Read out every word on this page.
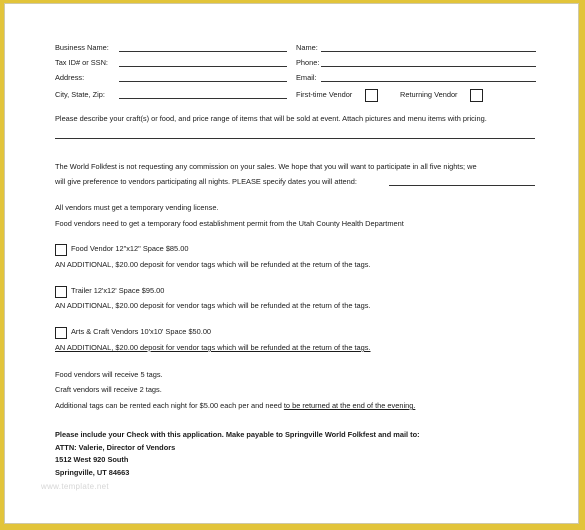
Business Name:
Tax ID# or SSN:
Address:
City, State, Zip:
Name:
Phone:
Email:
First-time Vendor	Returning Vendor
Please describe your craft(s) or food, and price range of items that will be sold at event. Attach pictures and menu items with pricing.
The World Folkfest is not requesting any commission on your sales. We hope that you will want to participate in all five nights; we
will give preference to vendors participating all nights. PLEASE specify dates you will attend:
All vendors must get a temporary vending license.
Food vendors need to get a temporary food establishment permit from the Utah County Health Department
Food Vendor 12"x12" Space $85.00
AN ADDITIONAL, $20.00 deposit for vendor tags which will be refunded at the return of the tags.
Trailer 12'x12' Space $95.00
AN ADDITIONAL, $20.00 deposit for vendor tags which will be refunded at the return of the tags.
Arts & Craft Vendors 10'x10' Space $50.00
AN ADDITIONAL, $20.00 deposit for vendor tags which will be refunded at the return of the tags.
Food vendors will receive 5 tags.
Craft vendors will receive 2 tags.
Additional tags can be rented each night for $5.00 each per and need to be returned at the end of the evening.
Please include your Check with this application. Make payable to Springville World Folkfest and mail to:
ATTN: Valerie, Director of Vendors
1512 West 920 South
Springville, UT 84663
www.template.net
